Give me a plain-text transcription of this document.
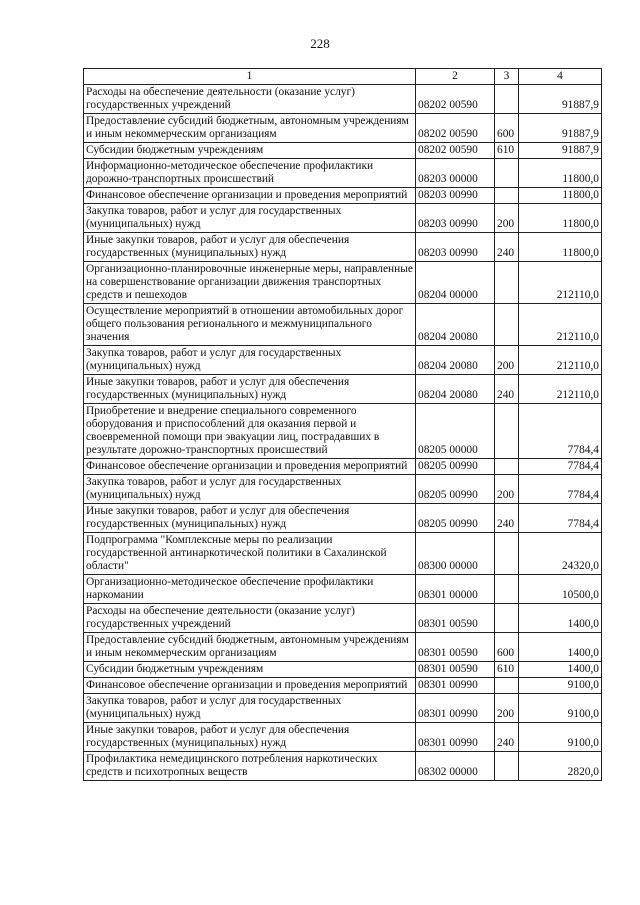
228
1	2	3	4
Расходы на обеспечение деятельности (оказание услуг) государственных учреждений	08202 00590		91887,9
Предоставление субсидий бюджетным, автономным учреждениям и иным некоммерческим организациям	08202 00590	600	91887,9
Субсидии бюджетным учреждениям	08202 00590	610	91887,9
Информационно-методическое обеспечение профилактики дорожно-транспортных происшествий	08203 00000		11800,0
Финансовое обеспечение организации и проведения мероприятий	08203 00990		11800,0
Закупка товаров, работ и услуг для государственных (муниципальных) нужд	08203 00990	200	11800,0
Иные закупки товаров, работ и услуг для обеспечения государственных (муниципальных) нужд	08203 00990	240	11800,0
Организационно-планировочные инженерные меры, направленные на совершенствование организации движения транспортных средств и пешеходов	08204 00000		212110,0
Осуществление мероприятий в отношении автомобильных дорог общего пользования регионального и межмуниципального значения	08204 20080		212110,0
Закупка товаров, работ и услуг для государственных (муниципальных) нужд	08204 20080	200	212110,0
Иные закупки товаров, работ и услуг для обеспечения государственных (муниципальных) нужд	08204 20080	240	212110,0
Приобретение и внедрение специального современного оборудования и приспособлений для оказания первой и своевременной помощи при эвакуации лиц, пострадавших в результате дорожно-транспортных происшествий	08205 00000		7784,4
Финансовое обеспечение организации и проведения мероприятий	08205 00990		7784,4
Закупка товаров, работ и услуг для государственных (муниципальных) нужд	08205 00990	200	7784,4
Иные закупки товаров, работ и услуг для обеспечения государственных (муниципальных) нужд	08205 00990	240	7784,4
Подпрограмма "Комплексные меры по реализации государственной антинаркотической политики в Сахалинской области"	08300 00000		24320,0
Организационно-методическое обеспечение профилактики наркомании	08301 00000		10500,0
Расходы на обеспечение деятельности (оказание услуг) государственных учреждений	08301 00590		1400,0
Предоставление субсидий бюджетным, автономным учреждениям и иным некоммерческим организациям	08301 00590	600	1400,0
Субсидии бюджетным учреждениям	08301 00590	610	1400,0
Финансовое обеспечение организации и проведения мероприятий	08301 00990		9100,0
Закупка товаров, работ и услуг для государственных (муниципальных) нужд	08301 00990	200	9100,0
Иные закупки товаров, работ и услуг для обеспечения государственных (муниципальных) нужд	08301 00990	240	9100,0
Профилактика немедицинского потребления наркотических средств и психотропных веществ	08302 00000		2820,0
